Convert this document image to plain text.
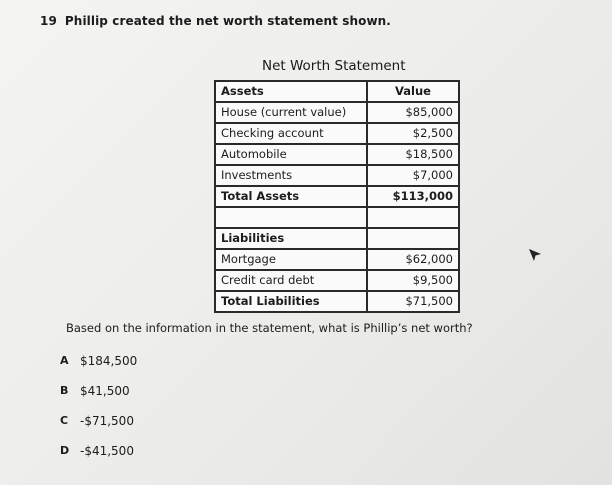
19 Phillip created the net worth statement shown.
Net Worth Statement
Assets	Value
House (current value)	$85,000
Checking account	$2,500
Automobile	$18,500
Investments	$7,000
Total Assets	$113,000

Liabilities	
Mortgage	$62,000
Credit card debt	$9,500
Total Liabilities	$71,500
Based on the information in the statement, what is Phillip’s net worth?
A $184,500
B $41,500
C -$71,500
D -$41,500
